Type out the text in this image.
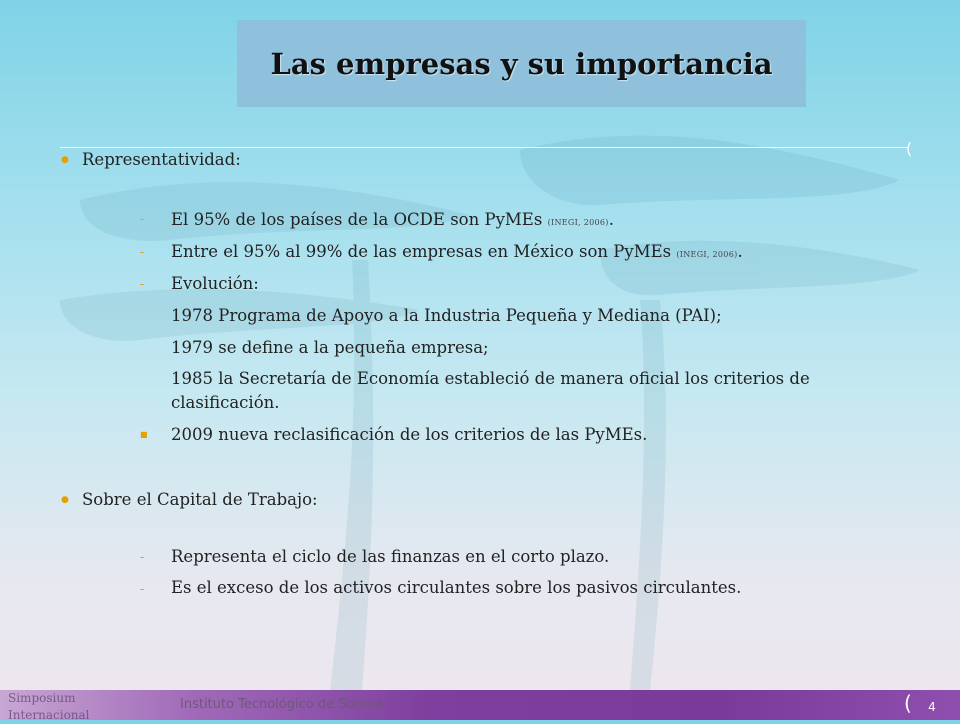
Las empresas y su importancia
(
● Representatividad:
- El 95% de los países de la OCDE son PyMEs (INEGI, 2006).
- Entre el 95% al 99% de las empresas en México son PyMEs (INEGI, 2006).
- Evolución:
1978 Programa de Apoyo a la Industria Pequeña y Mediana (PAI);
1979 se define a la pequeña empresa;
1985 la Secretaría de Economía estableció de manera oficial los criterios de
clasificación.
■ 2009 nueva reclasificación de los criterios de las PyMEs.
● Sobre el Capital de Trabajo:
- Representa el ciclo de las finanzas en el corto plazo.
- Es el exceso de los activos circulantes sobre los pasivos circulantes.
Simposium
Internacional
Instituto Tecnológico de Sonora	(	4
